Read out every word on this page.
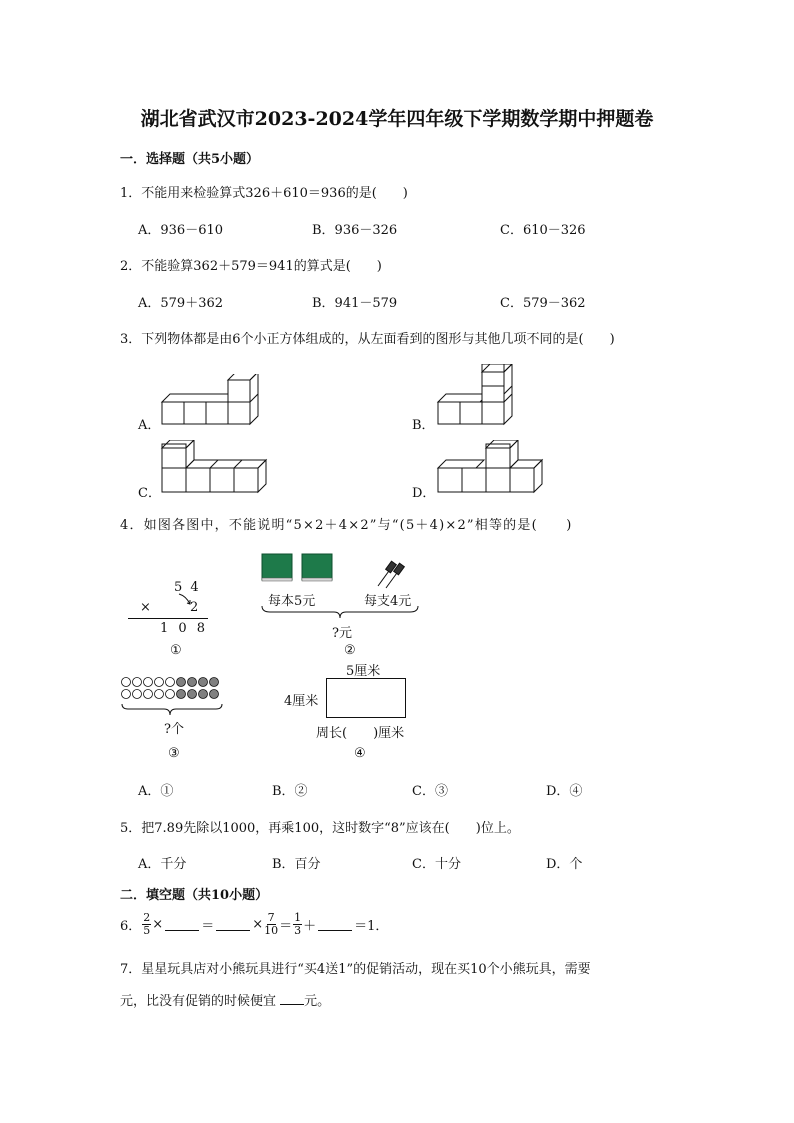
湖北省武汉市2023-2024学年四年级下学期数学期中押题卷
一．选择题（共5小题）
1．不能用来检验算式326＋610＝936的是(　　)
A．936－610	B．936－326	C．610－326
2．不能验算362＋579＝941的算式是(　　)
A．579＋362	B．941－579	C．579－362
3．下列物体都是由6个小正方体组成的，从左面看到的图形与其他几项不同的是(　　)
A．	B．
C．	D．
4．如图各图中，不能说明“5×2＋4×2”与“(5＋4)×2”相等的是(　　)
5 4
×	2
1 0 8
①
每本5元	每支4元
?元
②
?个
③
5厘米
4厘米
周长(　　)厘米
④
A．①	B．②	C．③	D．④
5．把7.89先除以1000，再乘100，这时数字“8”应该在(　　)位上。
A．千分	B．百分	C．十分	D．个
二．填空题（共10小题）
6． $\frac{2}{5}$ ×	＝	× $\frac{7}{10} = \frac{1}{3}$ ＋	＝1．
7．星星玩具店对小熊玩具进行“买4送1”的促销活动，现在买10个小熊玩具，需要
元，比没有促销的时候便宜 元。
